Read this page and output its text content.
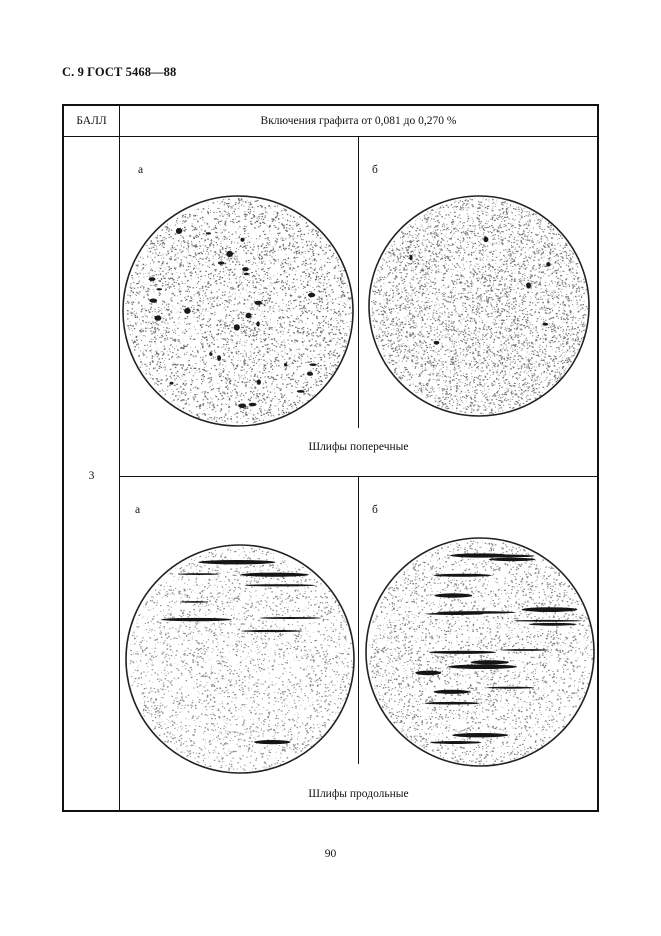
С. 9 ГОСТ 5468—88
БАЛЛ	Включения графита от 0,081 до 0,270 %
3
а	б
Шлифы поперечные
а	б
Шлифы продольные
90
